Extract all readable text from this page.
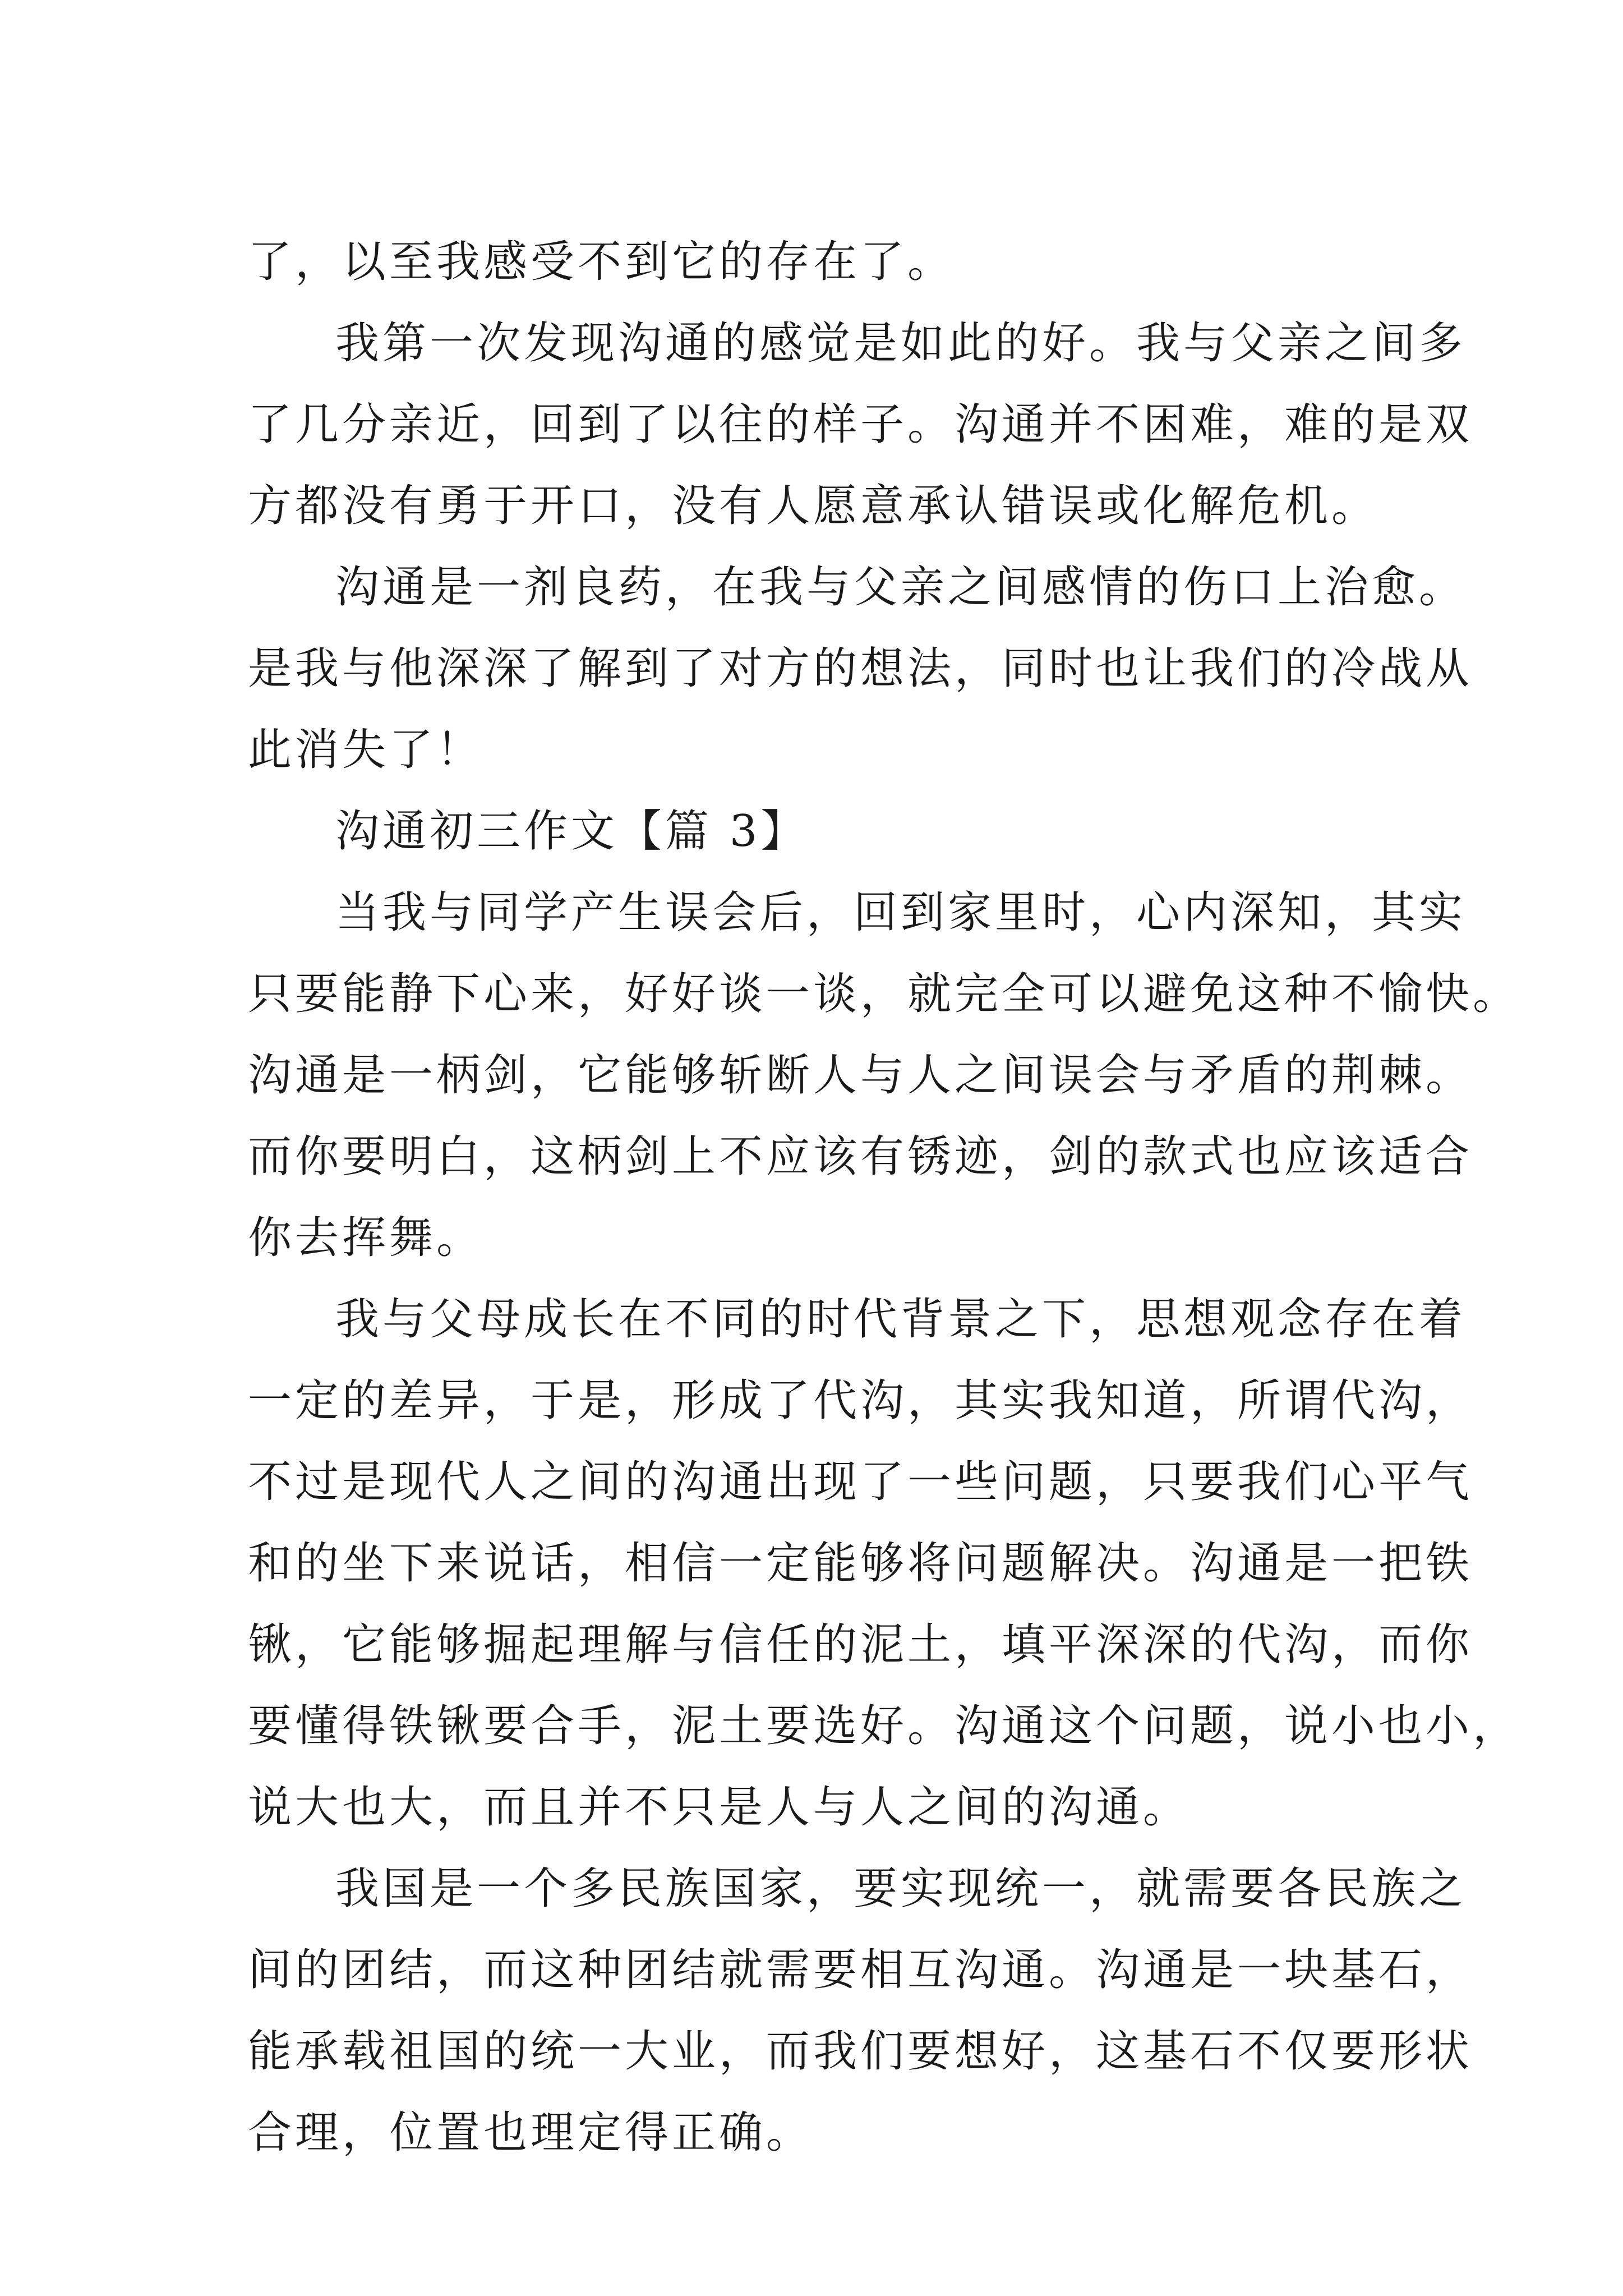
了，以至我感受不到它的存在了。
我第一次发现沟通的感觉是如此的好。我与父亲之间多
了几分亲近，回到了以往的样子。沟通并不困难，难的是双
方都没有勇于开口，没有人愿意承认错误或化解危机。
沟通是一剂良药，在我与父亲之间感情的伤口上治愈。
是我与他深深了解到了对方的想法，同时也让我们的冷战从
此消失了！
沟通初三作文【篇 3】
当我与同学产生误会后，回到家里时，心内深知，其实
只要能静下心来，好好谈一谈，就完全可以避免这种不愉快。
沟通是一柄剑，它能够斩断人与人之间误会与矛盾的荆棘。
而你要明白，这柄剑上不应该有锈迹，剑的款式也应该适合
你去挥舞。
我与父母成长在不同的时代背景之下，思想观念存在着
一定的差异，于是，形成了代沟，其实我知道，所谓代沟，
不过是现代人之间的沟通出现了一些问题，只要我们心平气
和的坐下来说话，相信一定能够将问题解决。沟通是一把铁
锹，它能够掘起理解与信任的泥土，填平深深的代沟，而你
要懂得铁锹要合手，泥土要选好。沟通这个问题，说小也小，
说大也大，而且并不只是人与人之间的沟通。
我国是一个多民族国家，要实现统一，就需要各民族之
间的团结，而这种团结就需要相互沟通。沟通是一块基石，
能承载祖国的统一大业，而我们要想好，这基石不仅要形状
合理，位置也理定得正确。
